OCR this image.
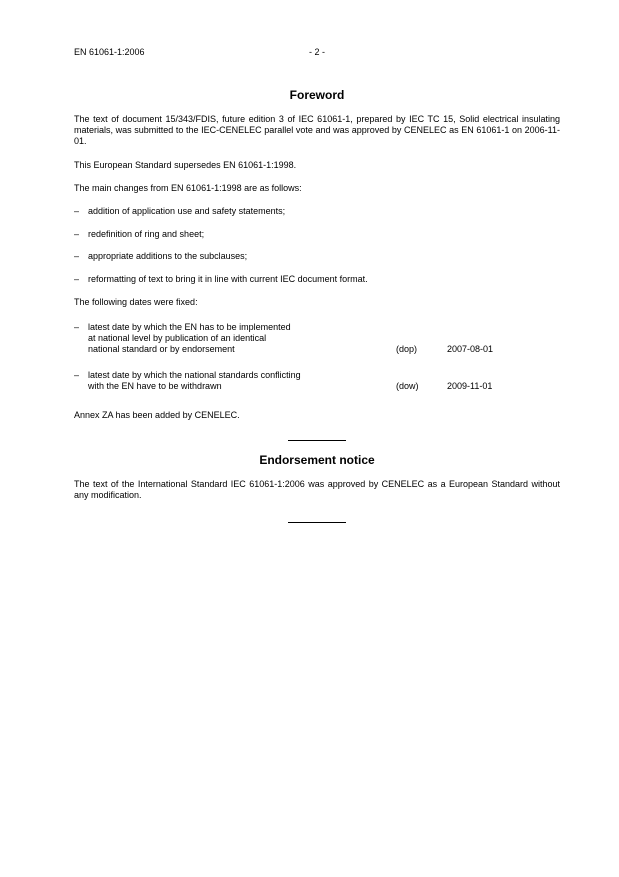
EN 61061-1:2006	- 2 -
Foreword
The text of document 15/343/FDIS, future edition 3 of IEC 61061-1, prepared by IEC TC 15, Solid electrical insulating materials, was submitted to the IEC-CENELEC parallel vote and was approved by CENELEC as EN 61061-1 on 2006-11-01.
This European Standard supersedes EN 61061-1:1998.
The main changes from EN 61061-1:1998 are as follows:
– addition of application use and safety statements;
– redefinition of ring and sheet;
– appropriate additions to the subclauses;
– reformatting of text to bring it in line with current IEC document format.
The following dates were fixed:
– latest date by which the EN has to be implemented
at national level by publication of an identical
national standard or by endorsement	(dop)	2007-08-01
– latest date by which the national standards conflicting
with the EN have to be withdrawn	(dow)	2009-11-01
Annex ZA has been added by CENELEC.
Endorsement notice
The text of the International Standard IEC 61061-1:2006 was approved by CENELEC as a European Standard without any modification.
